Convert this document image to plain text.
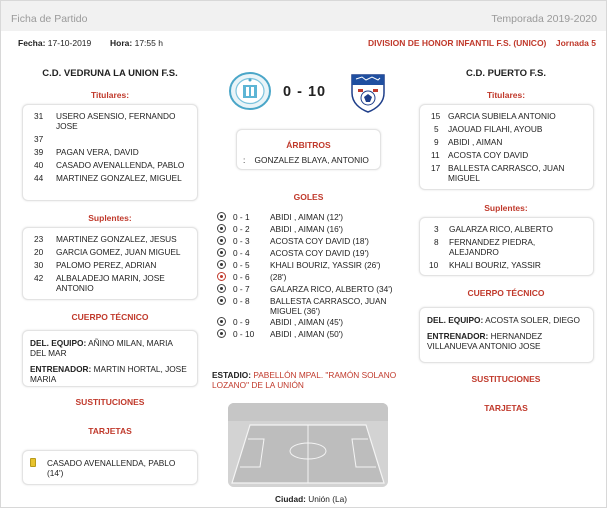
Ficha de Partido	Temporada 2019-2020
Fecha: 17-10-2019 Hora: 17:55 h	DIVISION DE HONOR INFANTIL F.S. (UNICO) Jornada 5
C.D. VEDRUNA LA UNION F.S.
Titulares:
31	USERO ASENSIO, FERNANDO JOSE
37
39	PAGAN VERA, DAVID
40	CASADO AVENALLENDA, PABLO
44	MARTINEZ GONZALEZ, MIGUEL
Suplentes:
23	MARTINEZ GONZALEZ, JESUS
20	GARCIA GOMEZ, JUAN MIGUEL
30	PALOMO PEREZ, ADRIAN
42	ALBALADEJO MARIN, JOSE ANTONIO
CUERPO TÉCNICO
DEL. EQUIPO: AÑINO MILAN, MARIA DEL MAR
ENTRENADOR: MARTIN HORTAL, JOSE MARIA
SUSTITUCIONES
TARJETAS
CASADO AVENALLENDA, PABLO (14')
0 - 10
ÁRBITROS
: GONZALEZ BLAYA, ANTONIO
GOLES
0 - 1	ABIDI , AIMAN (12')
0 - 2	ABIDI , AIMAN (16')
0 - 3	ACOSTA COY DAVID (18')
0 - 4	ACOSTA COY DAVID (19')
0 - 5	KHALI BOURIZ, YASSIR (26')
0 - 6	(28')
0 - 7	GALARZA RICO, ALBERTO (34')
0 - 8	BALLESTA CARRASCO, JUAN MIGUEL (36')
0 - 9	ABIDI , AIMAN (45')
0 - 10	ABIDI , AIMAN (50')
ESTADIO: PABELLÓN MPAL. "RAMÓN SOLANO LOZANO" DE LA UNIÓN
Ciudad: Unión (La)
C.D. PUERTO F.S.
Titulares:
15 GARCIA SUBIELA ANTONIO
5	JAOUAD FILAHI, AYOUB
9	ABIDI , AIMAN
11	ACOSTA COY DAVID
17 BALLESTA CARRASCO, JUAN MIGUEL
Suplentes:
3	GALARZA RICO, ALBERTO
8	FERNANDEZ PIEDRA, ALEJANDRO
10	KHALI BOURIZ, YASSIR
CUERPO TÉCNICO
DEL. EQUIPO: ACOSTA SOLER, DIEGO
ENTRENADOR: HERNANDEZ VILLANUEVA ANTONIO JOSE
SUSTITUCIONES
TARJETAS
